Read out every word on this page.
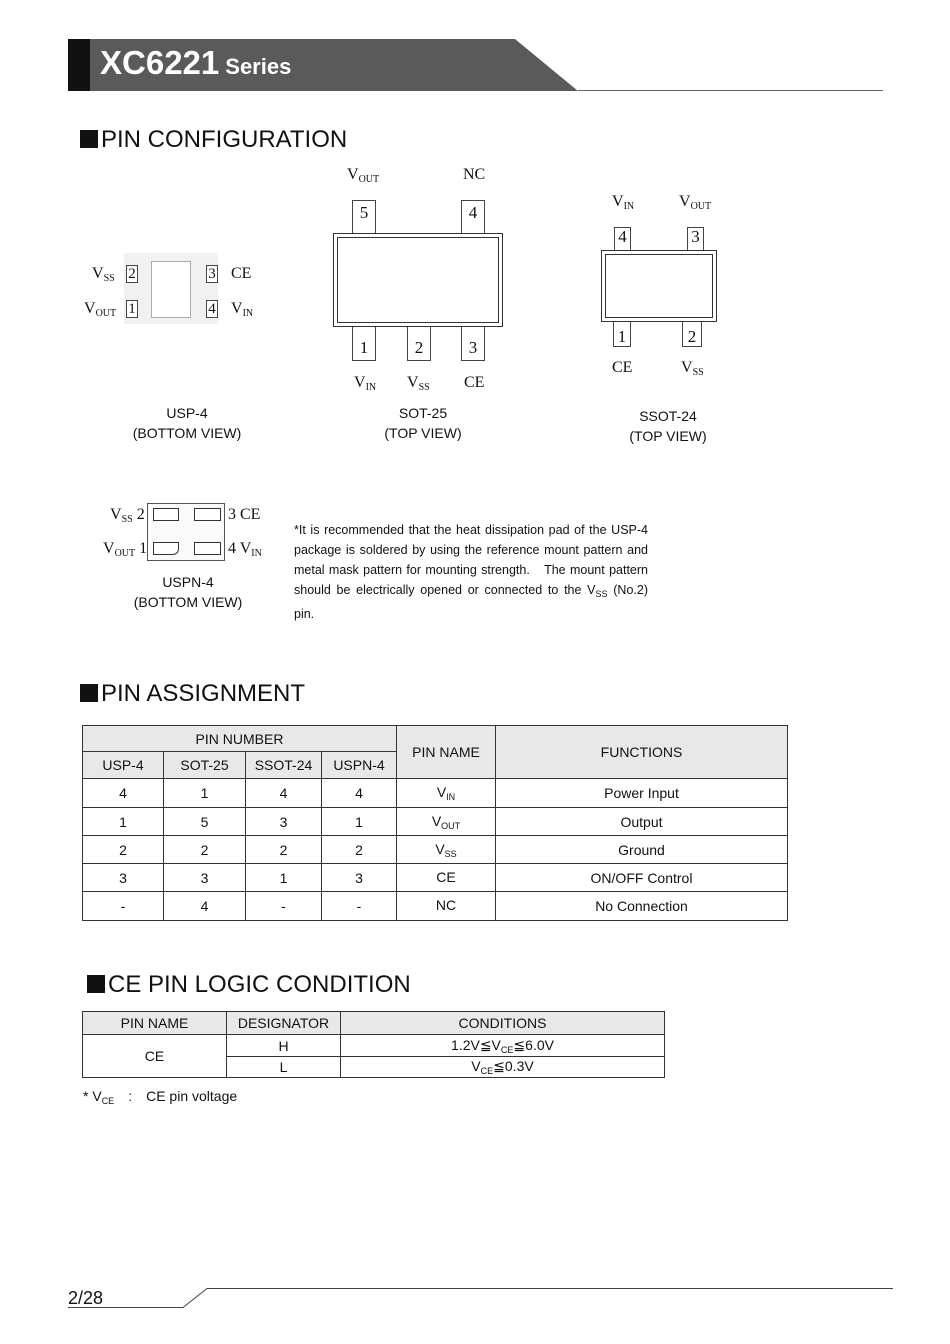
XC6221 Series
PIN CONFIGURATION
2
1
3
4
$V_{SS}$
$V_{OUT}$
CE
$V_{IN}$
USP-4
(BOTTOM VIEW)
5	4
1	2	3
$V_{OUT}$	NC
$V_{IN}$ $V_{SS}$ CE
SOT-25
(TOP VIEW)
4	3
1	2
$V_{IN}$	$V_{OUT}$
CE	$V_{SS}$
SSOT-24
(TOP VIEW)
$V_{SS}$ 2
$V_{OUT}$ 1
3 CE
4 $V_{IN}$
USPN-4
(BOTTOM VIEW)
*It is recommended that the heat dissipation pad of the USP-4 package is soldered by using the reference mount pattern and metal mask pattern for mounting strength.　The mount pattern should be electrically opened or connected to the $V_{SS}$ (No.2) pin.
PIN ASSIGNMENT
PIN NUMBER				PIN NAME	FUNCTIONS
USP-4	SOT-25	SSOT-24	USPN-4		
4	1	4	4	$V_{IN}$	Power Input
1	5	3	1	$V_{OUT}$	Output
2	2	2	2	$V_{SS}$	Ground
3	3	1	3	CE	ON/OFF Control
-	4	-	-	NC	No Connection
CE PIN LOGIC CONDITION
PIN NAME	DESIGNATOR	CONDITIONS
CE	H	$1.2V≦V_{CE}≦6.0V$
	L	$V_{CE}≦0.3V$
* $V_{CE}$　:　CE pin voltage
2/28
